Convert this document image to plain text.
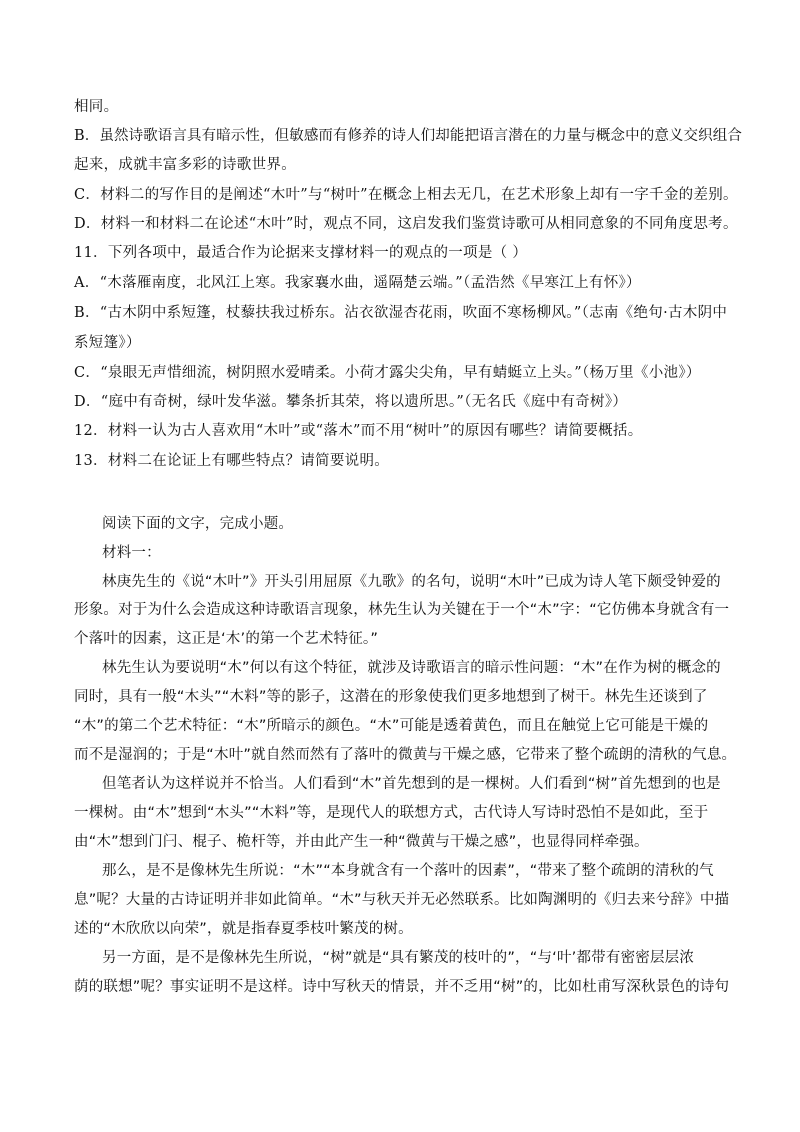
相同。
B．虽然诗歌语言具有暗示性，但敏感而有修养的诗人们却能把语言潜在的力量与概念中的意义交织组合
起来，成就丰富多彩的诗歌世界。
C．材料二的写作目的是阐述“木叶”与“树叶”在概念上相去无几，在艺术形象上却有一字千金的差别。
D．材料一和材料二在论述“木叶”时，观点不同，这启发我们鉴赏诗歌可从相同意象的不同角度思考。
11．下列各项中，最适合作为论据来支撑材料一的观点的一项是（ ）
A．“木落雁南度，北风江上寒。我家襄水曲，遥隔楚云端。”（孟浩然《早寒江上有怀》）
B．“古木阴中系短篷，杖藜扶我过桥东。沾衣欲湿杏花雨，吹面不寒杨柳风。”（志南《绝句·古木阴中
系短篷》）
C．“泉眼无声惜细流，树阴照水爱晴柔。小荷才露尖尖角，早有蜻蜓立上头。”（杨万里《小池》）
D．“庭中有奇树，绿叶发华滋。攀条折其荣，将以遗所思。”（无名氏《庭中有奇树》）
12．材料一认为古人喜欢用“木叶”或“落木”而不用“树叶”的原因有哪些？请简要概括。
13．材料二在论证上有哪些特点？请简要说明。
阅读下面的文字，完成小题。
材料一：
林庚先生的《说“木叶”》开头引用屈原《九歌》的名句，说明“木叶”已成为诗人笔下颇受钟爱的
形象。对于为什么会造成这种诗歌语言现象，林先生认为关键在于一个“木”字：“它仿佛本身就含有一
个落叶的因素，这正是‘木’的第一个艺术特征。”
林先生认为要说明“木”何以有这个特征，就涉及诗歌语言的暗示性问题：“木”在作为树的概念的
同时，具有一般“木头”“木料”等的影子，这潜在的形象使我们更多地想到了树干。林先生还谈到了
“木”的第二个艺术特征：“木”所暗示的颜色。“木”可能是透着黄色，而且在触觉上它可能是干燥的
而不是湿润的；于是“木叶”就自然而然有了落叶的微黄与干燥之感，它带来了整个疏朗的清秋的气息。
但笔者认为这样说并不恰当。人们看到“木”首先想到的是一棵树。人们看到“树”首先想到的也是
一棵树。由“木”想到“木头”“木料”等，是现代人的联想方式，古代诗人写诗时恐怕不是如此，至于
由“木”想到门闩、棍子、桅杆等，并由此产生一种“微黄与干燥之感”，也显得同样牵强。
那么，是不是像林先生所说：“木”“本身就含有一个落叶的因素”，“带来了整个疏朗的清秋的气
息”呢？大量的古诗证明并非如此简单。“木”与秋天并无必然联系。比如陶渊明的《归去来兮辞》中描
述的“木欣欣以向荣”，就是指春夏季枝叶繁茂的树。
另一方面，是不是像林先生所说，“树”就是“具有繁茂的枝叶的”，“与‘叶’都带有密密层层浓
荫的联想”呢？事实证明不是这样。诗中写秋天的情景，并不乏用“树”的，比如杜甫写深秋景色的诗句
